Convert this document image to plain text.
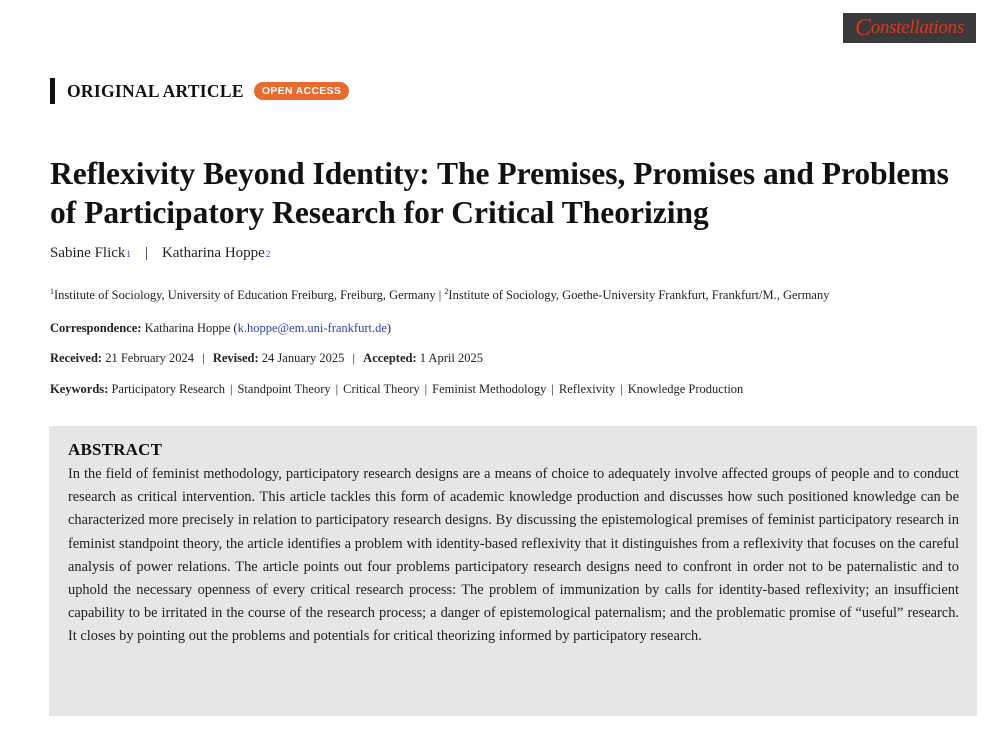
C onstellations
ORIGINAL ARTICLE	OPEN ACCESS
Reflexivity Beyond Identity: The Premises, Promises and Problems of Participatory Research for Critical Theorizing
Sabine Flick 1 | Katharina Hoppe 2
$^1$Institute of Sociology, University of Education Freiburg, Freiburg, Germany | $^2$Institute of Sociology, Goethe-University Frankfurt, Frankfurt/M., Germany
Correspondence: Katharina Hoppe (k.hoppe@em.uni-frankfurt.de)
Received: 21 February 2024 | Revised: 24 January 2025 | Accepted: 1 April 2025
Keywords: Participatory Research | Standpoint Theory | Critical Theory | Feminist Methodology | Reflexivity | Knowledge Production
ABSTRACT

In the field of feminist methodology, participatory research designs are a means of choice to adequately involve affected groups of people and to conduct research as critical intervention. This article tackles this form of academic knowledge production and discusses how such positioned knowledge can be characterized more precisely in relation to participatory research designs. By discussing the epistemological premises of feminist participatory research in feminist standpoint theory, the article identifies a problem with identity-based reflexivity that it distinguishes from a reflexivity that focuses on the careful analysis of power relations. The article points out four problems participatory research designs need to confront in order not to be paternalistic and to uphold the necessary openness of every critical research process: The problem of immunization by calls for identity-based reflexivity; an insufficient capability to be irritated in the course of the research process; a danger of epistemological paternalism; and the problematic promise of “useful” research. It closes by pointing out the problems and potentials for critical theorizing informed by participatory research.
